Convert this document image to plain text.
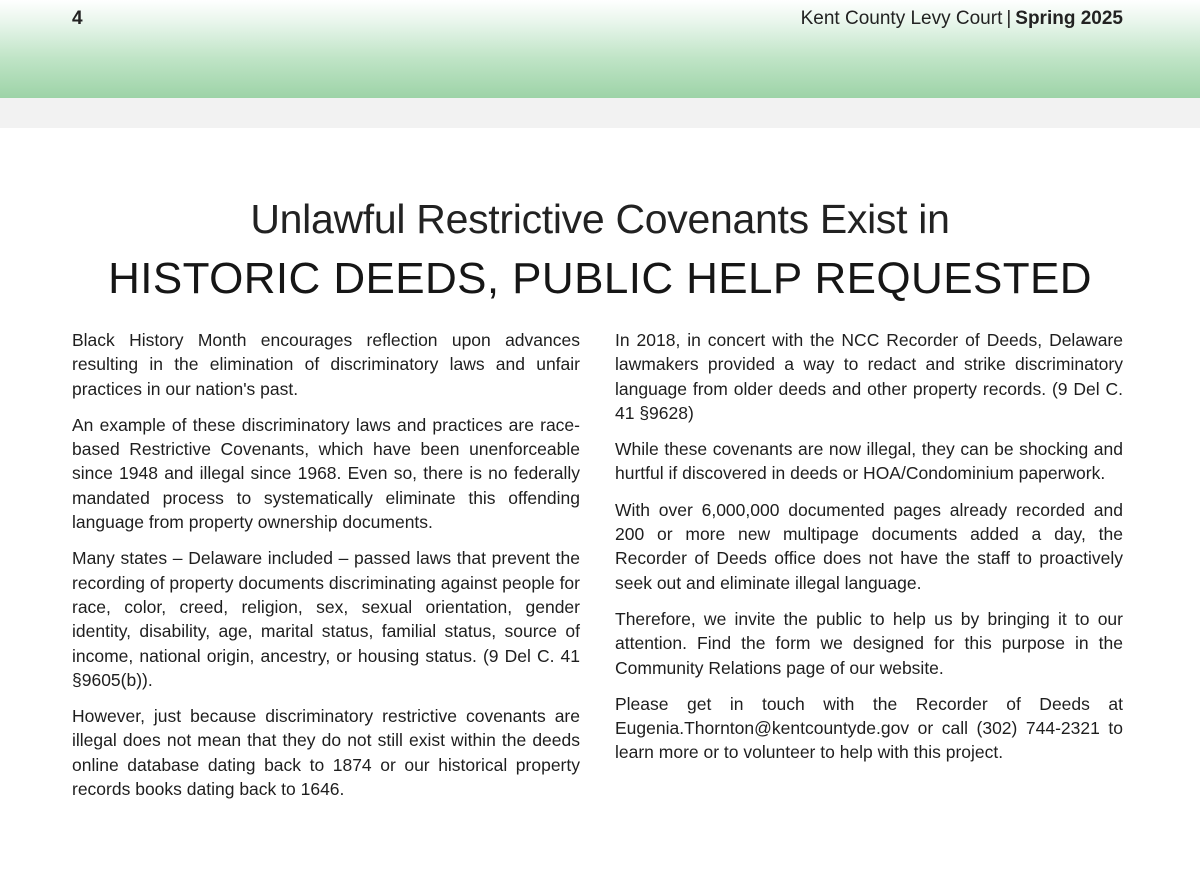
4	Kent County Levy Court | Spring 2025
Unlawful Restrictive Covenants Exist in
HISTORIC DEEDS, PUBLIC HELP REQUESTED

Black History Month encourages reflection upon advances resulting in the elimination of discriminatory laws and unfair practices in our nation's past.

An example of these discriminatory laws and practices are race-based Restrictive Covenants, which have been unenforceable since 1948 and illegal since 1968. Even so, there is no federally mandated process to systematically eliminate this offending language from property ownership documents.

Many states – Delaware included – passed laws that prevent the recording of property documents discriminating against people for race, color, creed, religion, sex, sexual orientation, gender identity, disability, age, marital status, familial status, source of income, national origin, ancestry, or housing status. (9 Del C. 41 §9605(b)).

However, just because discriminatory restrictive covenants are illegal does not mean that they do not still exist within the deeds online database dating back to 1874 or our historical property records books dating back to 1646.

In 2018, in concert with the NCC Recorder of Deeds, Delaware lawmakers provided a way to redact and strike discriminatory language from older deeds and other property records. (9 Del C. 41 §9628)

While these covenants are now illegal, they can be shocking and hurtful if discovered in deeds or HOA/Condominium paperwork.

With over 6,000,000 documented pages already recorded and 200 or more new multipage documents added a day, the Recorder of Deeds office does not have the staff to proactively seek out and eliminate illegal language.

Therefore, we invite the public to help us by bringing it to our attention. Find the form we designed for this purpose in the Community Relations page of our website.

Please get in touch with the Recorder of Deeds at Eugenia.Thornton@kentcountyde.gov or call (302) 744-2321 to learn more or to volunteer to help with this project.
